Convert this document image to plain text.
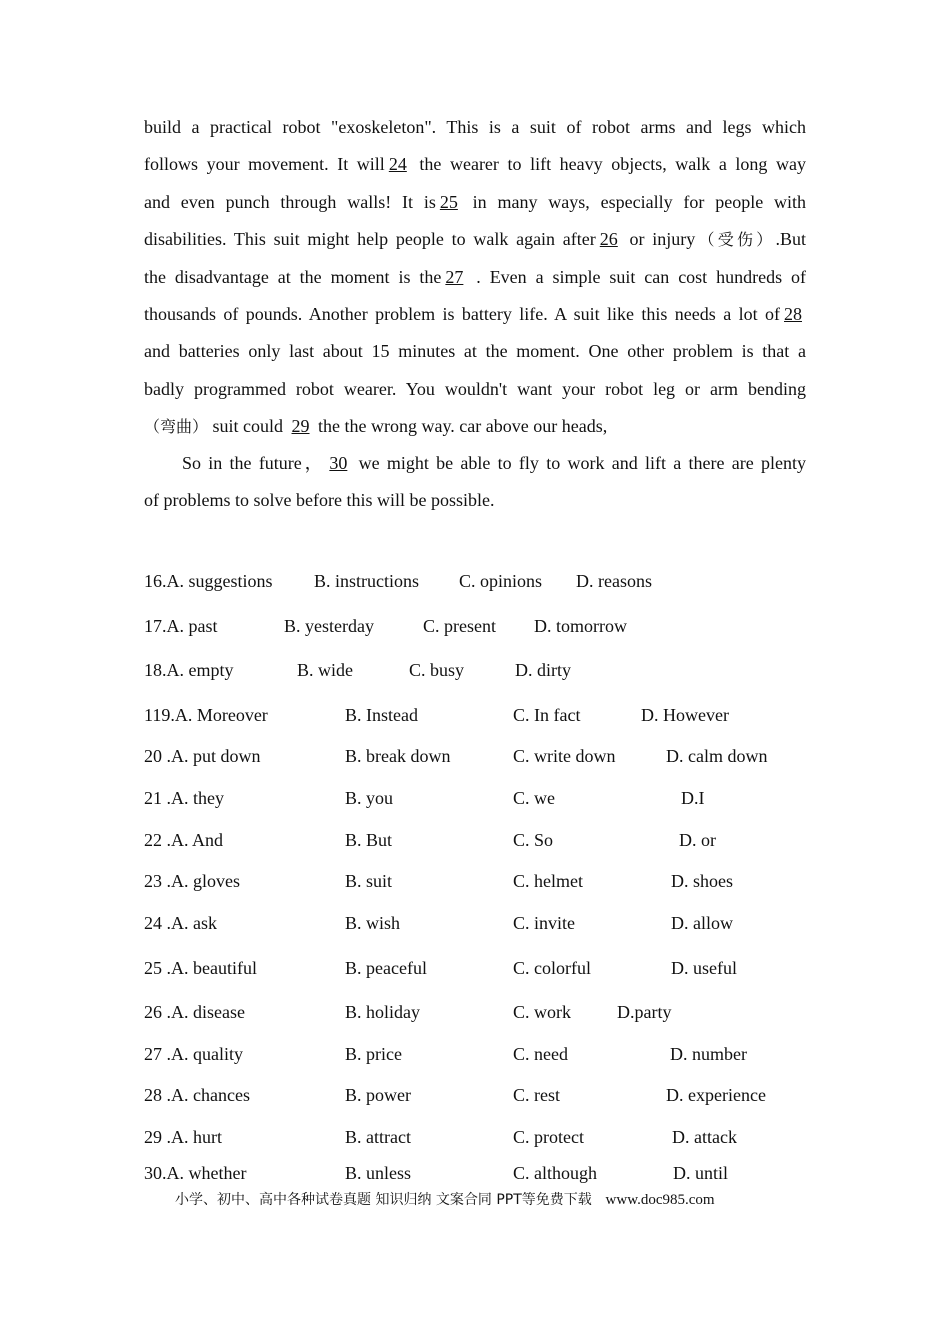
build a practical robot "exoskeleton". This is a suit of robot arms and legs which
follows your movement. It will 24 the wearer to lift heavy objects, walk a long way
and even punch through walls! It is 25 in many ways, especially for people with
disabilities. This suit might help people to walk again after 26 or injury（受伤）.But
the disadvantage at the moment is the 27 . Even a simple suit can cost hundreds of
thousands of pounds. Another problem is battery life. A suit like this needs a lot of 28
and batteries only last about 15 minutes at the moment. One other problem is that a
badly programmed robot wearer. You wouldn't want your robot leg or arm bending
（弯曲） suit could 29 the the wrong way. car above our heads,
So in the future， 30 we might be able to fly to work and lift a there are plenty
of problems to solve before this will be possible.
16.A. suggestions B. instructions C. opinions D. reasons
17.A. past	B. yesterday	C. present D. tomorrow
18.A. empty	B. wide	C. busy	D. dirty
119.A. Moreover	B. Instead	C. In fact	D. However
20 .A. put down	B. break down	C. write down	D. calm down
21 .A. they	B. you	C. we	D.I
22 .A. And	B. But	C. So	D. or
23 .A. gloves	B. suit	C. helmet	D. shoes
24 .A. ask	B. wish	C. invite	D. allow
25 .A. beautiful	B. peaceful	C. colorful	D. useful
26 .A. disease	B. holiday	C. work	D.party
27 .A. quality	B. price	C. need	D. number
28 .A. chances	B. power	C. rest	D. experience
29 .A. hurt	B. attract	C. protect	D. attack
30.A. whether	B. unless	C. although	D. until
小学、初中、高中各种试卷真题 知识归纳 文案合同 PPT等免费下载 www.doc985.com
